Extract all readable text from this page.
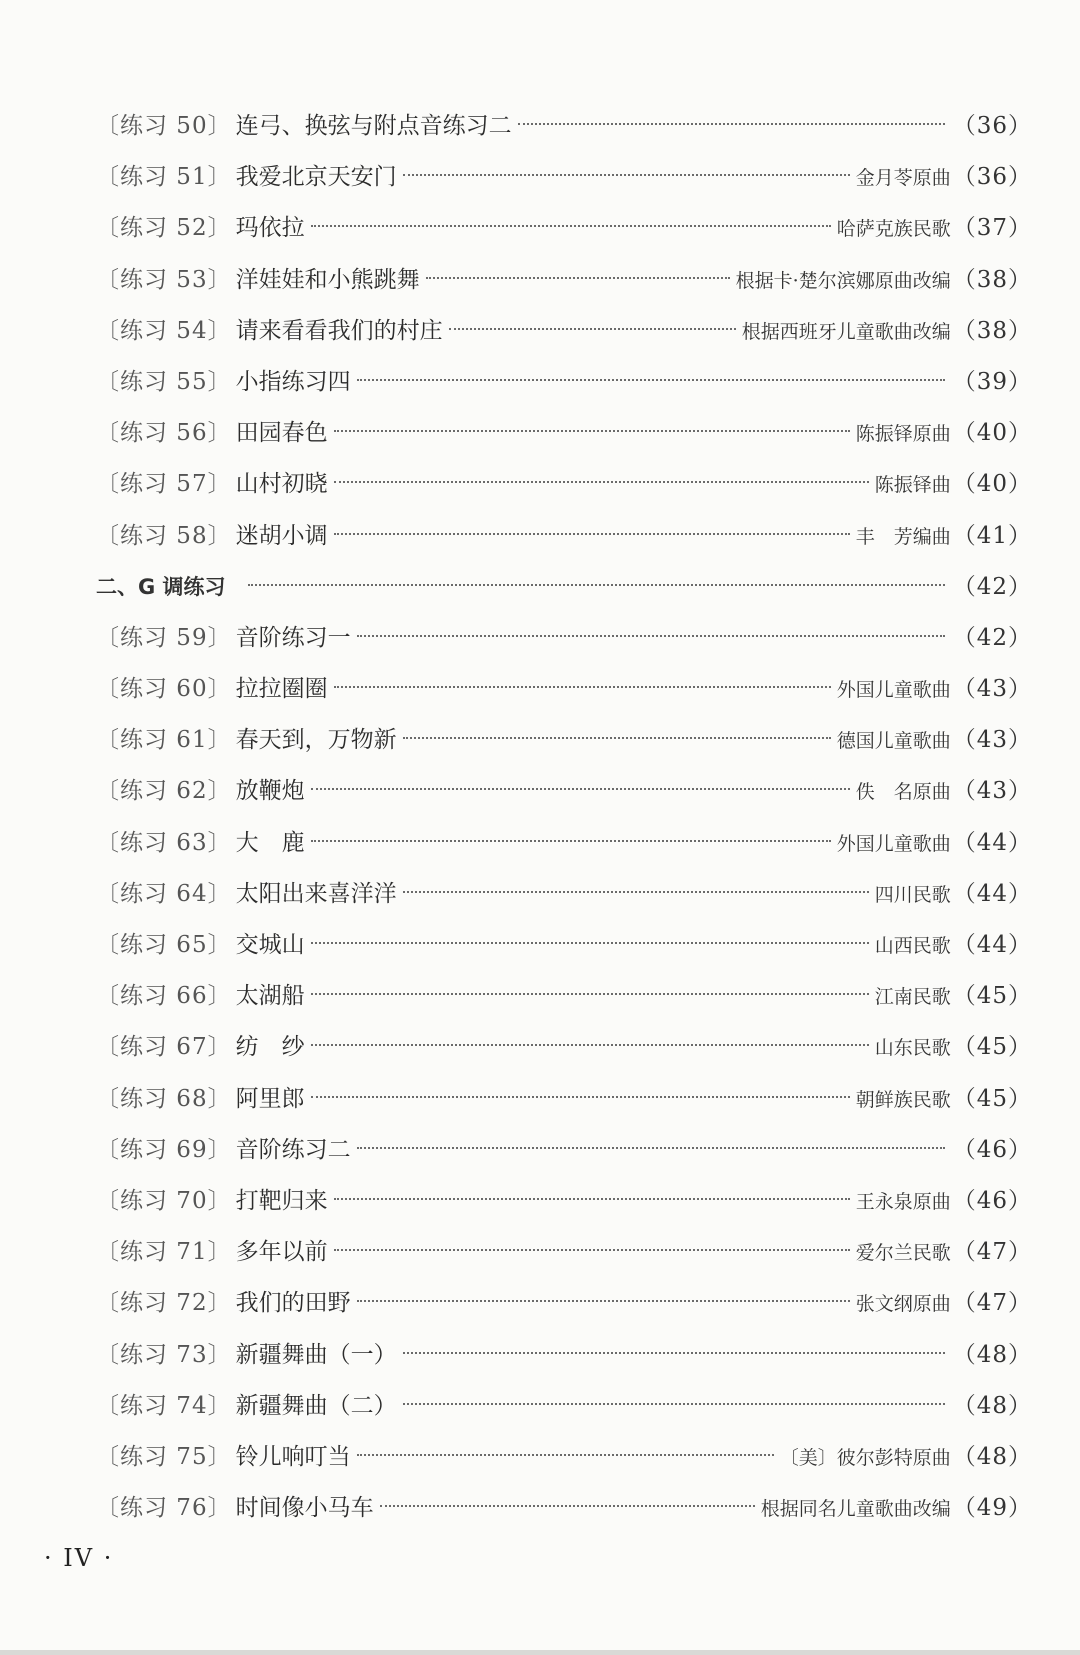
〔练习 50〕 连弓、换弦与附点音练习二	（36）
〔练习 51〕 我爱北京天安门	金月苓原曲 （36）
〔练习 52〕 玛依拉	哈萨克族民歌 （37）
〔练习 53〕 洋娃娃和小熊跳舞	根据卡·楚尔滨娜原曲改编 （38）
〔练习 54〕 请来看看我们的村庄	根据西班牙儿童歌曲改编 （38）
〔练习 55〕 小指练习四	（39）
〔练习 56〕 田园春色	陈振铎原曲 （40）
〔练习 57〕 山村初晓	陈振铎曲 （40）
〔练习 58〕 迷胡小调	丰　芳编曲 （41）
二、G 调练习	（42）
〔练习 59〕 音阶练习一	（42）
〔练习 60〕 拉拉圈圈	外国儿童歌曲 （43）
〔练习 61〕 春天到，万物新	德国儿童歌曲 （43）
〔练习 62〕 放鞭炮	佚　名原曲 （43）
〔练习 63〕 大　鹿	外国儿童歌曲 （44）
〔练习 64〕 太阳出来喜洋洋	四川民歌 （44）
〔练习 65〕 交城山	山西民歌 （44）
〔练习 66〕 太湖船	江南民歌 （45）
〔练习 67〕 纺　纱	山东民歌 （45）
〔练习 68〕 阿里郎	朝鲜族民歌 （45）
〔练习 69〕 音阶练习二	（46）
〔练习 70〕 打靶归来	王永泉原曲 （46）
〔练习 71〕 多年以前	爱尔兰民歌 （47）
〔练习 72〕 我们的田野	张文纲原曲 （47）
〔练习 73〕 新疆舞曲（一）	（48）
〔练习 74〕 新疆舞曲（二）	（48）
〔练习 75〕 铃儿响叮当	〔美〕彼尔彭特原曲 （48）
〔练习 76〕 时间像小马车	根据同名儿童歌曲改编 （49）
· IV ·
